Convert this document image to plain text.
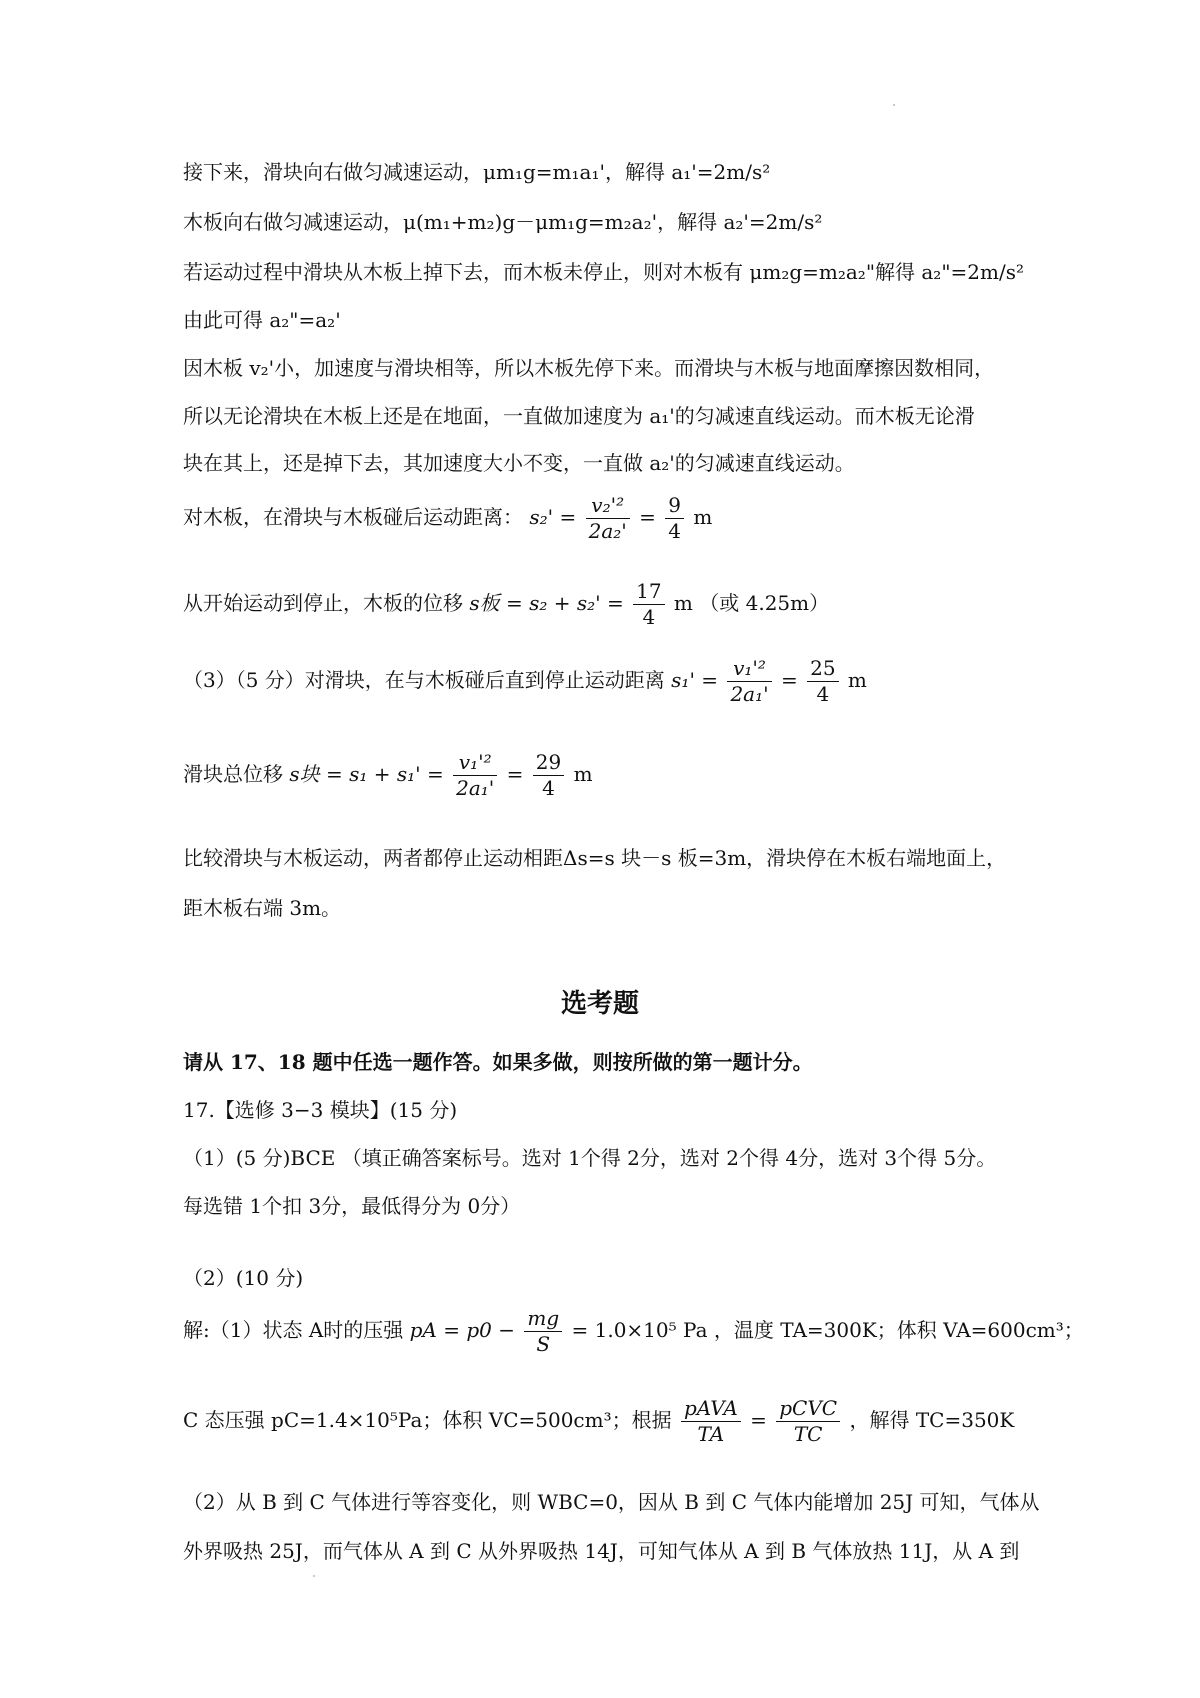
接下来，滑块向右做匀减速运动，μm₁g=m₁a₁'，解得 a₁'=2m/s²
木板向右做匀减速运动，μ(m₁+m₂)g－μm₁g=m₂a₂'，解得 a₂'=2m/s²
若运动过程中滑块从木板上掉下去，而木板未停止，则对木板有 μm₂g=m₂a₂"解得 a₂"=2m/s²
由此可得 a₂"=a₂'
因木板 v₂'小，加速度与滑块相等，所以木板先停下来。而滑块与木板与地面摩擦因数相同，
所以无论滑块在木板上还是在地面，一直做加速度为 a₁'的匀减速直线运动。而木板无论滑
块在其上，还是掉下去，其加速度大小不变，一直做 a₂'的匀减速直线运动。
对木板，在滑块与木板碰后运动距离： $s_2' = \frac{\text{v₂'²}}{\text{2a₂'}} = \frac{9}{4}$ m
从开始运动到停止，木板的位移 s板 = $s_2 + s_2' = \frac{17}{4}$ m （或 4.25m）
（3）（5 分）对滑块，在与木板碰后直到停止运动距离 $s_1' = \frac{\text{v₁'²}}{\text{2a₁'}} = \frac{25}{4}$ m
滑块总位移 s块 = $s_1 + s_1' = \frac{\text{v₁'²}}{\text{2a₁'}} = \frac{29}{4}$ m
比较滑块与木板运动，两者都停止运动相距Δs=s 块－s 板=3m，滑块停在木板右端地面上，
距木板右端 3m。
选考题
请从 17、18 题中任选一题作答。如果多做，则按所做的第一题计分。
17.【选修 3−3 模块】(15 分)
（1）(5 分)BCE （填正确答案标号。选对 1个得 2分，选对 2个得 4分，选对 3个得 5分。
每选错 1个扣 3分，最低得分为 0分）
（2）(10 分)
解:（1）状态 A时的压强 pA = $p0 - \frac{mg}{S} = 1.0\times 10^5$ Pa ，温度 TA=300K；体积 VA=600cm³；
C 态压强 pC=1.4×10⁵Pa；体积 VC=500cm³；根据 $\frac{\text{pAVA}}{TA} = \frac{\text{pCVC}}{TC}$ ，解得 TC=350K
（2）从 B 到 C 气体进行等容变化，则 WBC=0，因从 B 到 C 气体内能增加 25J 可知，气体从
外界吸热 25J，而气体从 A 到 C 从外界吸热 14J，可知气体从 A 到 B 气体放热 11J，从 A 到
